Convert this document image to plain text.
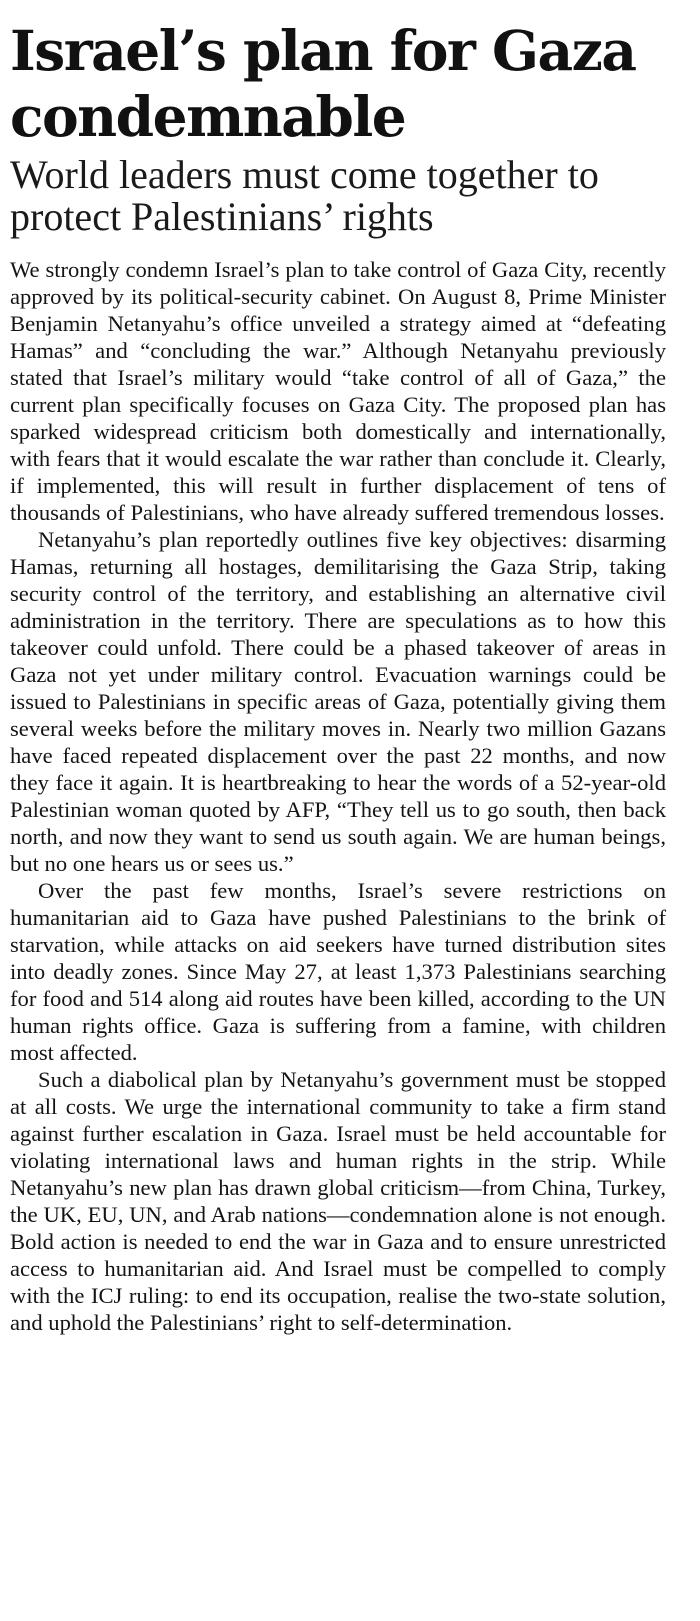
Israel’s plan for Gaza condemnable
World leaders must come together to protect Palestinians’ rights

We strongly condemn Israel’s plan to take control of Gaza City, recently approved by its political-security cabinet. On August 8, Prime Minister Benjamin Netanyahu’s office unveiled a strategy aimed at “defeating Hamas” and “concluding the war.” Although Netanyahu previously stated that Israel’s military would “take control of all of Gaza,” the current plan specifically focuses on Gaza City. The proposed plan has sparked widespread criticism both domestically and internationally, with fears that it would escalate the war rather than conclude it. Clearly, if implemented, this will result in further displacement of tens of thousands of Palestinians, who have already suffered tremendous losses.

Netanyahu’s plan reportedly outlines five key objectives: disarming Hamas, returning all hostages, demilitarising the Gaza Strip, taking security control of the territory, and establishing an alternative civil administration in the territory. There are speculations as to how this takeover could unfold. There could be a phased takeover of areas in Gaza not yet under military control. Evacuation warnings could be issued to Palestinians in specific areas of Gaza, potentially giving them several weeks before the military moves in. Nearly two million Gazans have faced repeated displacement over the past 22 months, and now they face it again. It is heartbreaking to hear the words of a 52-year-old Palestinian woman quoted by AFP, “They tell us to go south, then back north, and now they want to send us south again. We are human beings, but no one hears us or sees us.”

Over the past few months, Israel’s severe restrictions on humanitarian aid to Gaza have pushed Palestinians to the brink of starvation, while attacks on aid seekers have turned distribution sites into deadly zones. Since May 27, at least 1,373 Palestinians searching for food and 514 along aid routes have been killed, according to the UN human rights office. Gaza is suffering from a famine, with children most affected.

Such a diabolical plan by Netanyahu’s government must be stopped at all costs. We urge the international community to take a firm stand against further escalation in Gaza. Israel must be held accountable for violating international laws and human rights in the strip. While Netanyahu’s new plan has drawn global criticism—from China, Turkey, the UK, EU, UN, and Arab nations—condemnation alone is not enough. Bold action is needed to end the war in Gaza and to ensure unrestricted access to humanitarian aid. And Israel must be compelled to comply with the ICJ ruling: to end its occupation, realise the two-state solution, and uphold the Palestinians’ right to self-determination.
